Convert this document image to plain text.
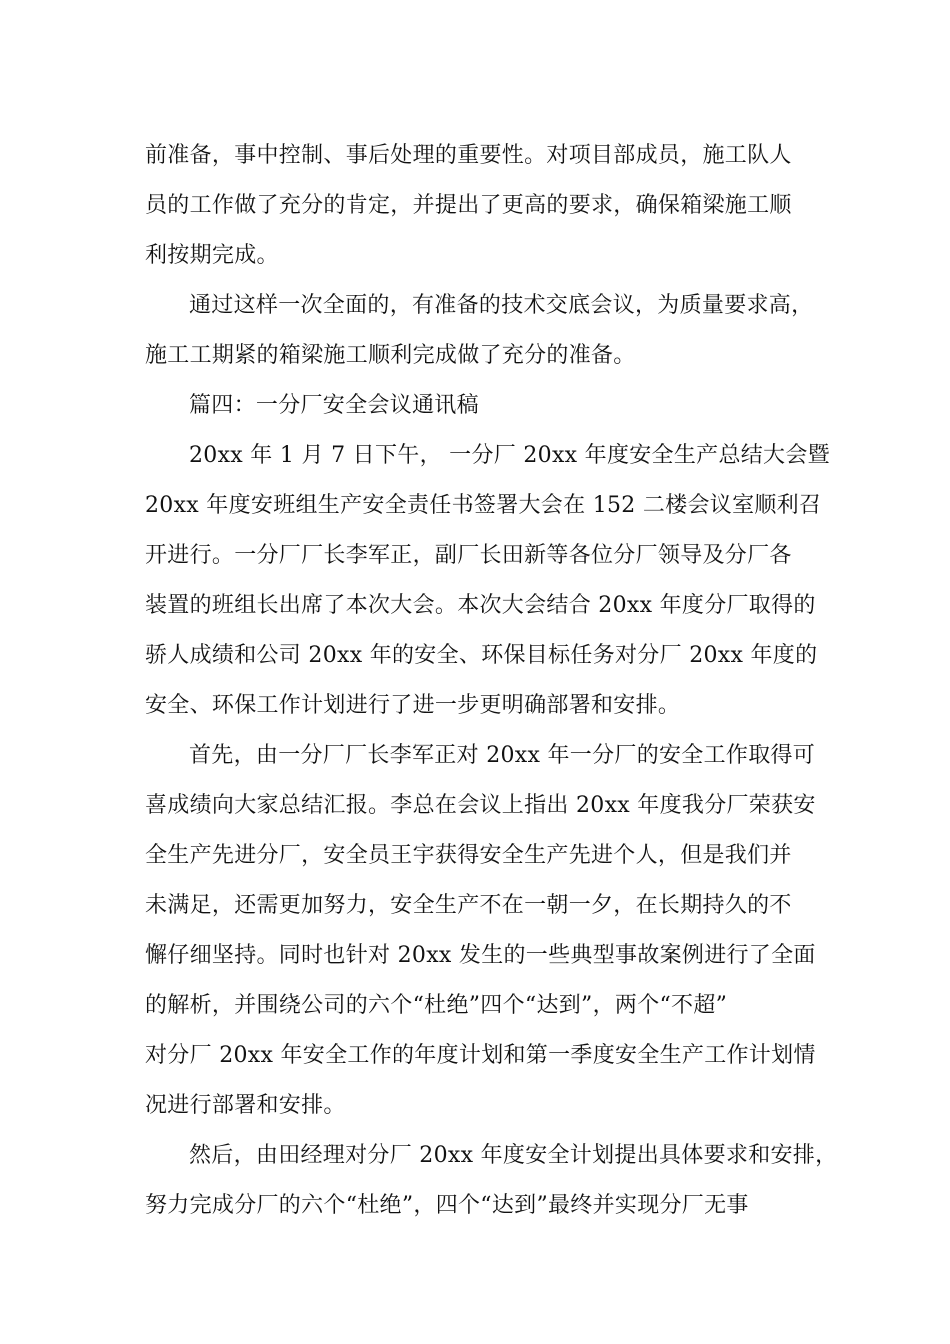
前准备，事中控制、事后处理的重要性。对项目部成员，施工队人
员的工作做了充分的肯定，并提出了更高的要求，确保箱梁施工顺
利按期完成。
通过这样一次全面的，有准备的技术交底会议，为质量要求高，
施工工期紧的箱梁施工顺利完成做了充分的准备。
篇四：一分厂安全会议通讯稿
20xx 年 1 月 7 日下午， 一分厂 20xx 年度安全生产总结大会暨
20xx 年度安班组生产安全责任书签署大会在 152 二楼会议室顺利召
开进行。一分厂厂长李军正，副厂长田新等各位分厂领导及分厂各
装置的班组长出席了本次大会。本次大会结合 20xx 年度分厂取得的
骄人成绩和公司 20xx 年的安全、环保目标任务对分厂 20xx 年度的
安全、环保工作计划进行了进一步更明确部署和安排。
首先，由一分厂厂长李军正对 20xx 年一分厂的安全工作取得可
喜成绩向大家总结汇报。李总在会议上指出 20xx 年度我分厂荣获安
全生产先进分厂，安全员王宇获得安全生产先进个人，但是我们并
未满足，还需更加努力，安全生产不在一朝一夕，在长期持久的不
懈仔细坚持。同时也针对 20xx 发生的一些典型事故案例进行了全面
的解析，并围绕公司的六个“杜绝”四个“达到”，两个“不超”
对分厂 20xx 年安全工作的年度计划和第一季度安全生产工作计划情
况进行部署和安排。
然后，由田经理对分厂 20xx 年度安全计划提出具体要求和安排，
努力完成分厂的六个“杜绝”，四个“达到”最终并实现分厂无事
